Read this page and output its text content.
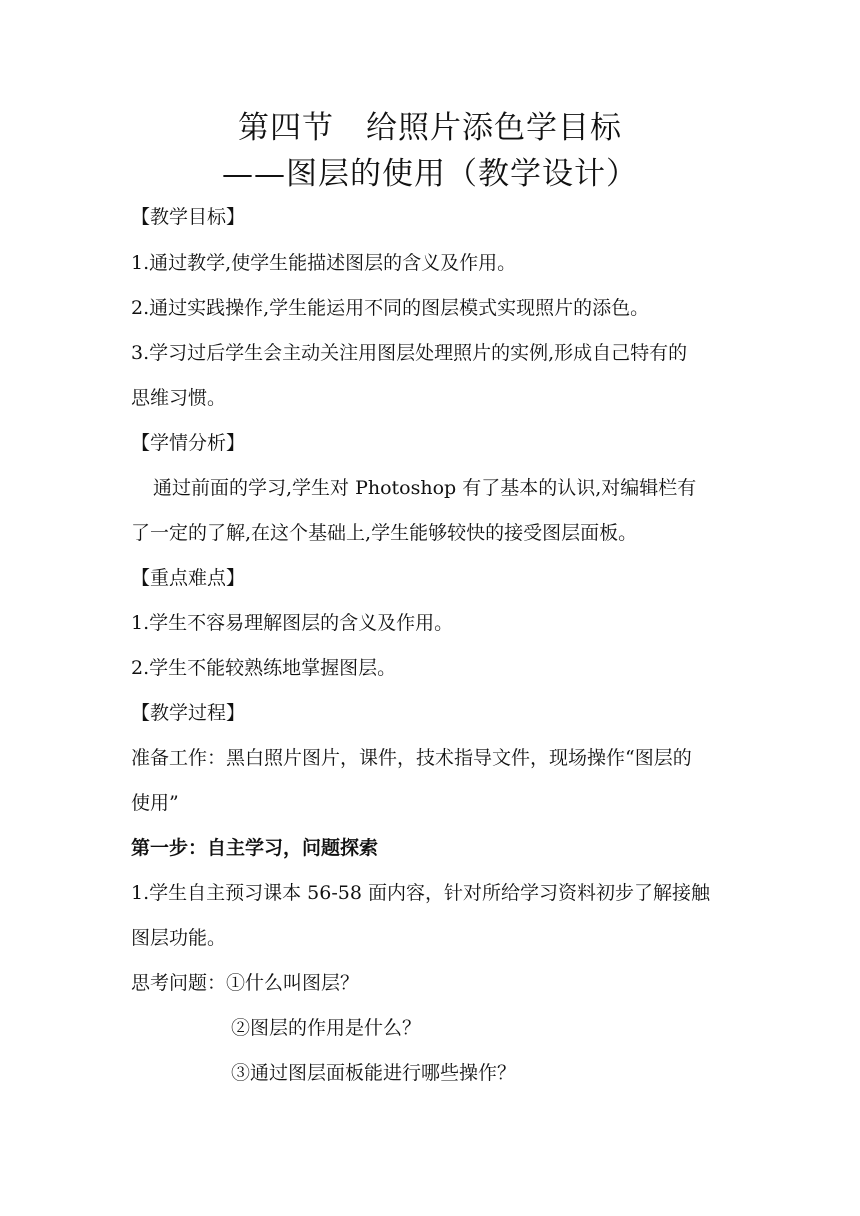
第四节　给照片添色学目标
——图层的使用（教学设计）
【教学目标】
1.通过教学,使学生能描述图层的含义及作用。
2.通过实践操作,学生能运用不同的图层模式实现照片的添色。
3.学习过后学生会主动关注用图层处理照片的实例,形成自己特有的
思维习惯。
【学情分析】
通过前面的学习,学生对 Photoshop 有了基本的认识,对编辑栏有
了一定的了解,在这个基础上,学生能够较快的接受图层面板。
【重点难点】
1.学生不容易理解图层的含义及作用。
2.学生不能较熟练地掌握图层。
【教学过程】
准备工作：黑白照片图片，课件，技术指导文件，现场操作“图层的
使用”
第一步：自主学习，问题探索
1.学生自主预习课本 56-58 面内容，针对所给学习资料初步了解接触
图层功能。
思考问题：①什么叫图层？
②图层的作用是什么？
③通过图层面板能进行哪些操作？
